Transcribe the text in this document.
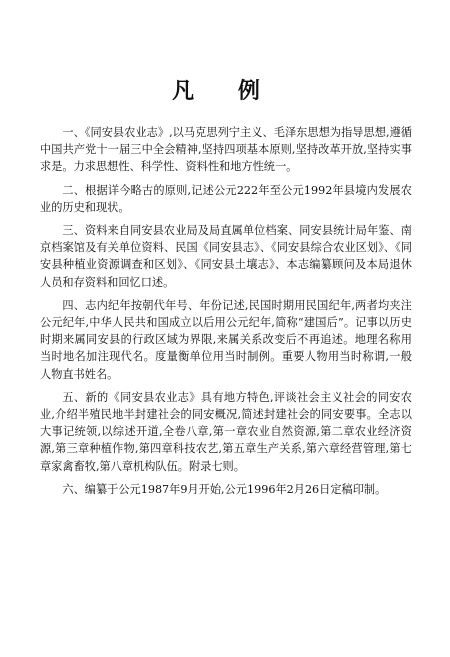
凡 例

一、《同安县农业志》,以马克思列宁主义、毛泽东思想为指导思想,遵循中国共产党十一届三中全会精神,坚持四项基本原则,坚持改革开放,坚持实事求是。力求思想性、科学性、资料性和地方性统一。

二、根据详今略古的原则,记述公元222年至公元1992年县境内发展农业的历史和现状。

三、资料来自同安县农业局及局直属单位档案、同安县统计局年鉴、南京档案馆及有关单位资料、民国《同安县志》、《同安县综合农业区划》、《同安县种植业资源调查和区划》、《同安县土壤志》、本志编纂顾问及本局退休人员和存资料和回忆口述。

四、志内纪年按朝代年号、年份记述,民国时期用民国纪年,两者均夹注公元纪年,中华人民共和国成立以后用公元纪年,简称“建国后”。记事以历史时期来属同安县的行政区域为界限,来属关系改变后不再追述。地理名称用当时地名加注现代名。度量衡单位用当时制例。重要人物用当时称谓,一般人物直书姓名。

五、新的《同安县农业志》具有地方特色,评谈社会主义社会的同安农业,介绍半殖民地半封建社会的同安概况,简述封建社会的同安要事。全志以大事记统领,以综述开道,全卷八章,第一章农业自然资源,第二章农业经济资源,第三章种植作物,第四章科技农艺,第五章生产关系,第六章经营管理,第七章家禽畜牧,第八章机构队伍。附录七则。

六、编纂于公元1987年9月开始,公元1996年2月26日定稿印制。
